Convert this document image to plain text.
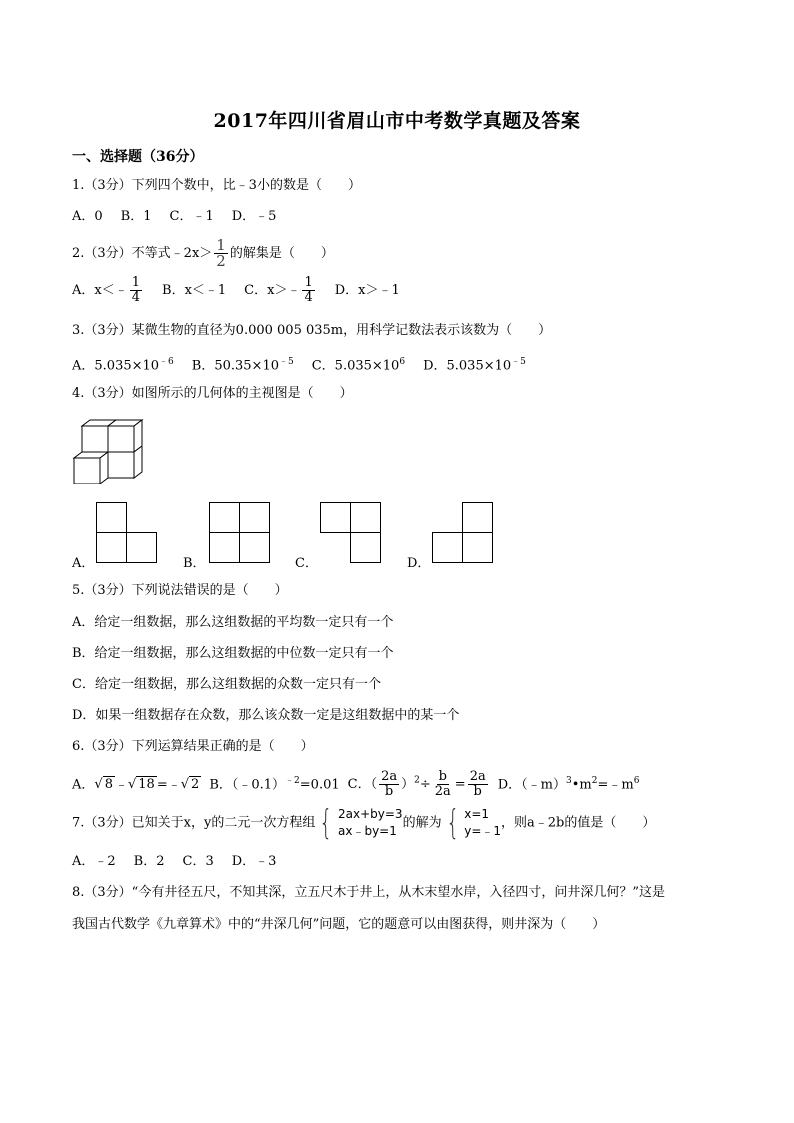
2017年四川省眉山市中考数学真题及答案
一、选择题（36分）
1.（3分）下列四个数中，比﹣3小的数是（　　）
A．0 B．1 C．﹣1 D．﹣5
2.（3分）不等式﹣2x＞ $\frac{1}{2}$ 的解集是（　　）
A．x＜﹣ $\frac{1}{4}$ B．x＜﹣1 C．x＞﹣ $\frac{1}{4}$ D．x＞﹣1
3.（3分）某微生物的直径为0.000 005 035m，用科学记数法表示该数为（　　）
A．$5.035\times 10^{﹣6}$ B．$50.35\times 10^{﹣5}$ C．$5.035\times 10^6$ D．$5.035\times 10^{﹣5}$
4.（3分）如图所示的几何体的主视图是（　　）
A．	B．	C．	D．
5.（3分）下列说法错误的是（　　）
A．给定一组数据，那么这组数据的平均数一定只有一个
B．给定一组数据，那么这组数据的中位数一定只有一个
C．给定一组数据，那么这组数据的众数一定只有一个
D．如果一组数据存在众数，那么该众数一定是这组数据中的某一个
6.（3分）下列运算结果正确的是（　　）
A．√ 8 ﹣√ 18 =﹣√ 2 B．（﹣0.1）$^{﹣2}$=0.01 C．（ $\frac{2a}{b} )^2\div \frac{b}{2a} = \frac{2a}{b}$ D．$(﹣m)^3•m^2=﹣m^6$
7.（3分）已知关于x，y的二元一次方程组 { 2ax+by=3
ax﹣by=1
的解为 { x=1
y=﹣1
，则a﹣2b的值是（　　）
A．﹣2 B．2 C．3 D．﹣3
8.（3分）“今有井径五尺，不知其深，立五尺木于井上，从木末望水岸，入径四寸，问井深几何？”这是
我国古代数学《九章算术》中的“井深几何”问题，它的题意可以由图获得，则井深为（　　）
